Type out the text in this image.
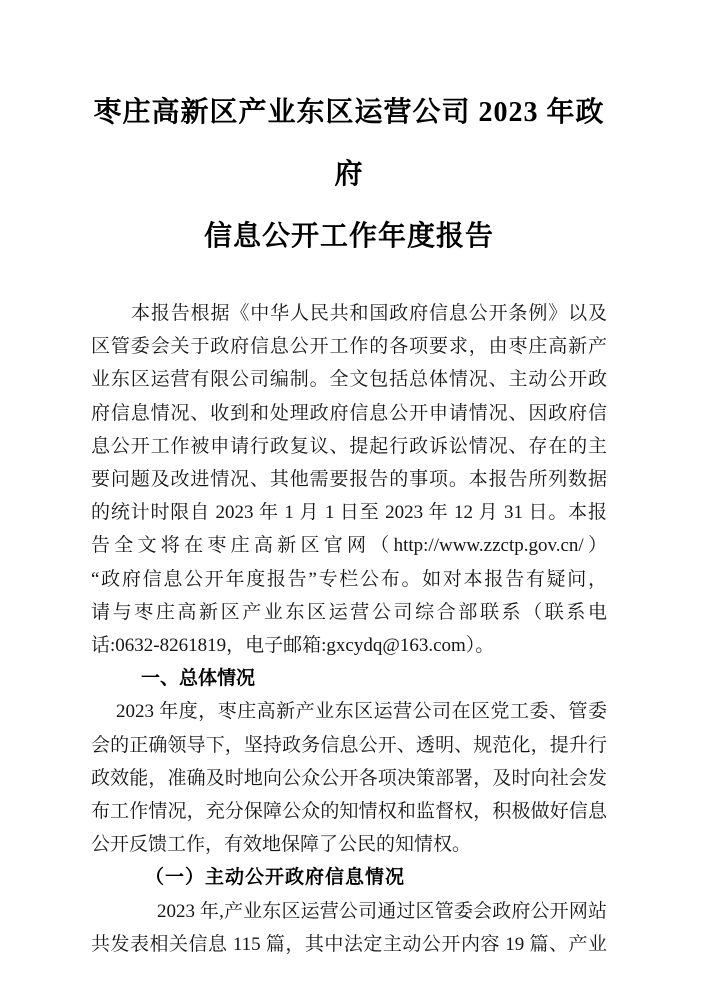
枣庄高新区产业东区运营公司 2023 年政府
信息公开工作年度报告
本报告根据《中华人民共和国政府信息公开条例》以及
区管委会关于政府信息公开工作的各项要求，由枣庄高新产
业东区运营有限公司编制。全文包括总体情况、主动公开政
府信息情况、收到和处理政府信息公开申请情况、因政府信
息公开工作被申请行政复议、提起行政诉讼情况、存在的主
要问题及改进情况、其他需要报告的事项。本报告所列数据
的统计时限自 2023 年 1 月 1 日至 2023 年 12 月 31 日。本报
告全文将在枣庄高新区官网（http://www.zzctp.gov.cn/）
“政府信息公开年度报告”专栏公布。如对本报告有疑问，
请与枣庄高新区产业东区运营公司综合部联系（联系电
话:0632-8261819，电子邮箱:gxcydq@163.com）。
一、总体情况
2023 年度，枣庄高新产业东区运营公司在区党工委、管委
会的正确领导下，坚持政务信息公开、透明、规范化，提升行
政效能，准确及时地向公众公开各项决策部署，及时向社会发
布工作情况，充分保障公众的知情权和监督权，积极做好信息
公开反馈工作，有效地保障了公民的知情权。
（一）主动公开政府信息情况
2023 年,产业东区运营公司通过区管委会政府公开网站
共发表相关信息 115 篇，其中法定主动公开内容 19 篇、产业
